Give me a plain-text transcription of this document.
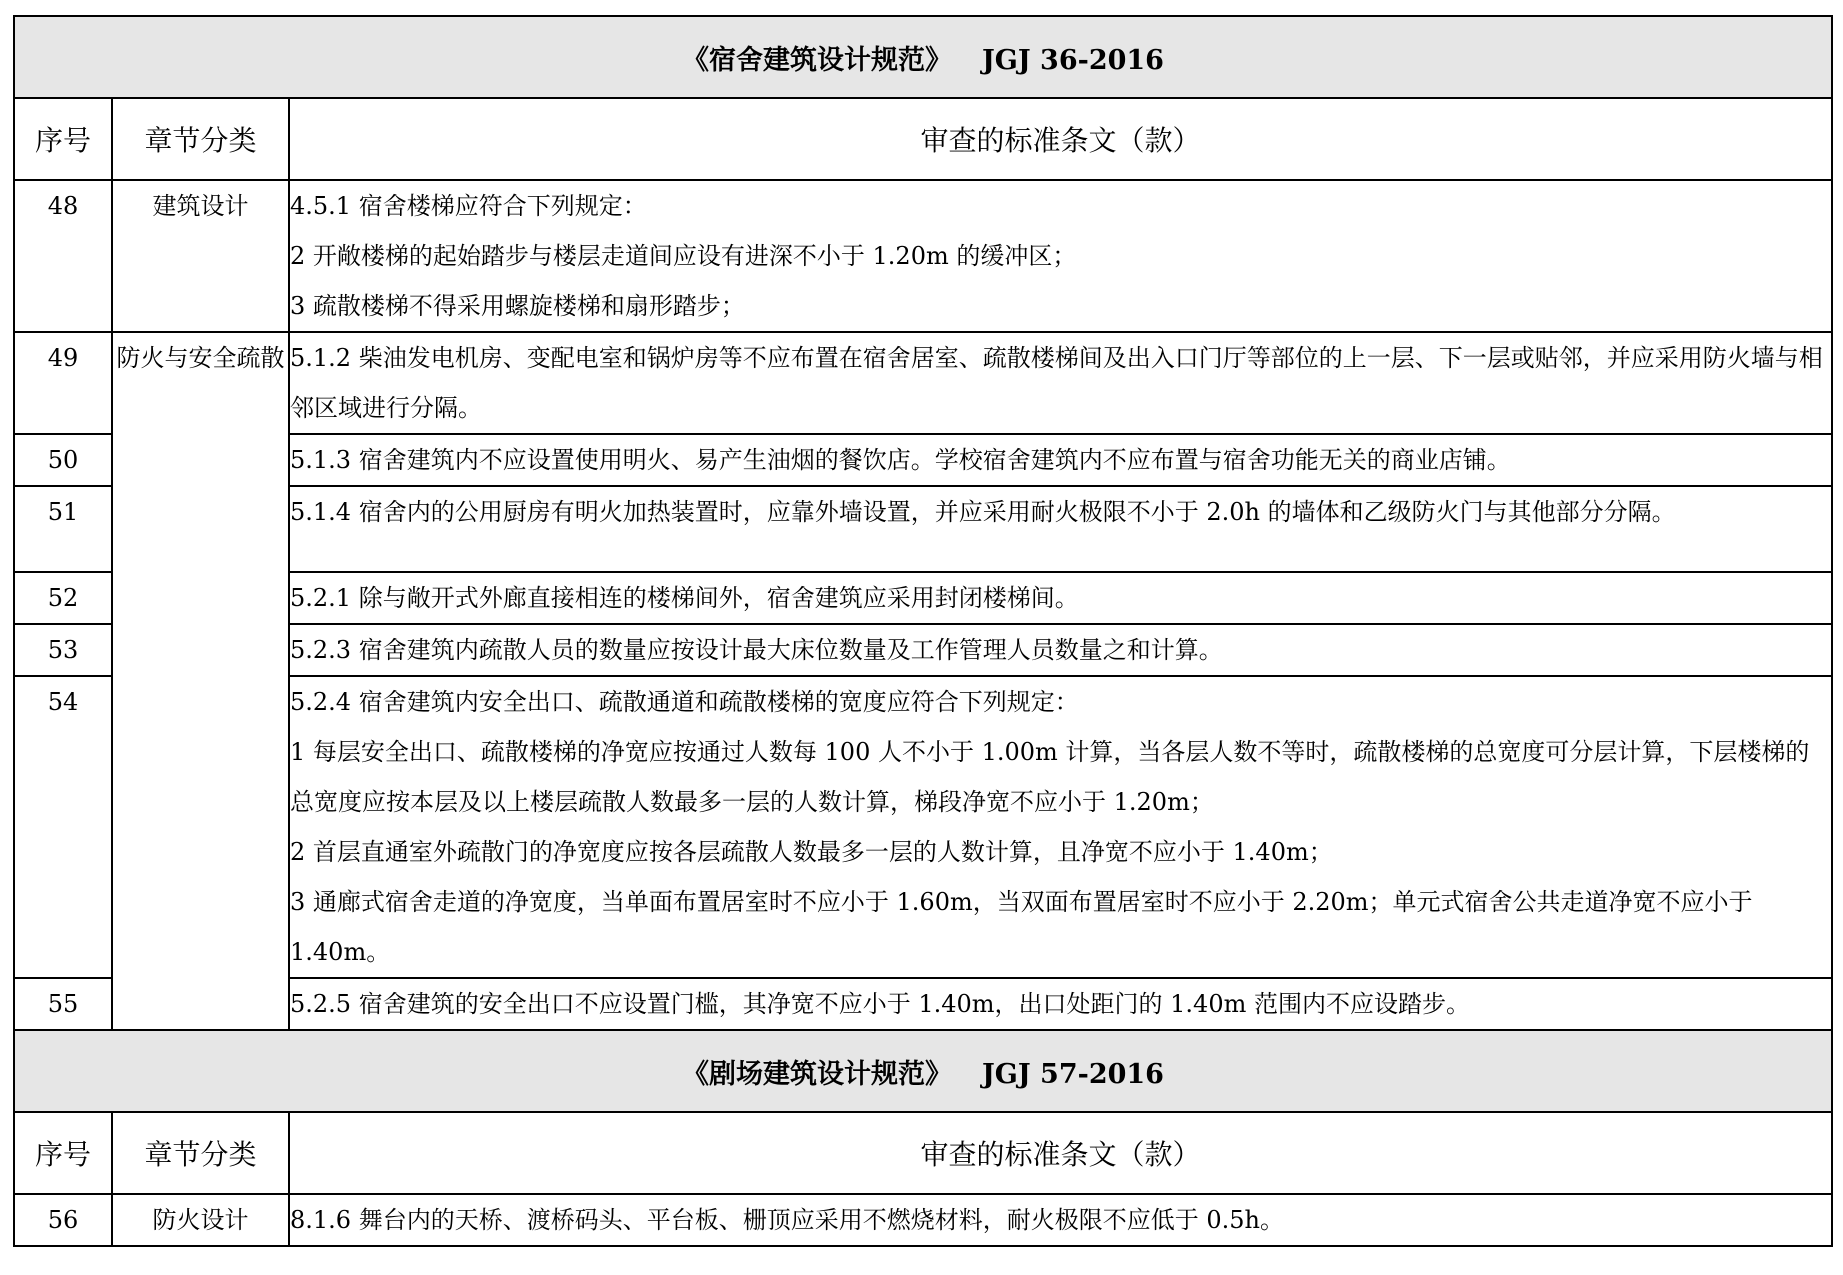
《宿舍建筑设计规范》 JGJ 36-2016		
序号	章节分类	审查的标准条文（款）
48	建筑设计	4.5.1 宿舍楼梯应符合下列规定：
2 开敞楼梯的起始踏步与楼层走道间应设有进深不小于 1.20m 的缓冲区；
3 疏散楼梯不得采用螺旋楼梯和扇形踏步；

49	防火与安全疏散	5.1.2 柴油发电机房、变配电室和锅炉房等不应布置在宿舍居室、疏散楼梯间及出入口门厅等部位的上一层、下一层或贴邻，并应采用防火墙与相邻区域进行分隔。

50		5.1.3 宿舍建筑内不应设置使用明火、易产生油烟的餐饮店。学校宿舍建筑内不应布置与宿舍功能无关的商业店铺。

51		5.1.4 宿舍内的公用厨房有明火加热装置时，应靠外墙设置，并应采用耐火极限不小于 2.0h 的墙体和乙级防火门与其他部分分隔。

52		5.2.1 除与敞开式外廊直接相连的楼梯间外，宿舍建筑应采用封闭楼梯间。

53		5.2.3 宿舍建筑内疏散人员的数量应按设计最大床位数量及工作管理人员数量之和计算。

54		5.2.4 宿舍建筑内安全出口、疏散通道和疏散楼梯的宽度应符合下列规定：
1 每层安全出口、疏散楼梯的净宽应按通过人数每 100 人不小于 1.00m 计算，当各层人数不等时，疏散楼梯的总宽度可分层计算，下层楼梯的总宽度应按本层及以上楼层疏散人数最多一层的人数计算，梯段净宽不应小于 1.20m；
2 首层直通室外疏散门的净宽度应按各层疏散人数最多一层的人数计算，且净宽不应小于 1.40m；
3 通廊式宿舍走道的净宽度，当单面布置居室时不应小于 1.60m，当双面布置居室时不应小于 2.20m；单元式宿舍公共走道净宽不应小于 1.40m。

55		5.2.5 宿舍建筑的安全出口不应设置门槛，其净宽不应小于 1.40m，出口处距门的 1.40m 范围内不应设踏步。

《剧场建筑设计规范》 JGJ 57-2016		
序号	章节分类	审查的标准条文（款）
56	防火设计	8.1.6 舞台内的天桥、渡桥码头、平台板、栅顶应采用不燃烧材料，耐火极限不应低于 0.5h。
